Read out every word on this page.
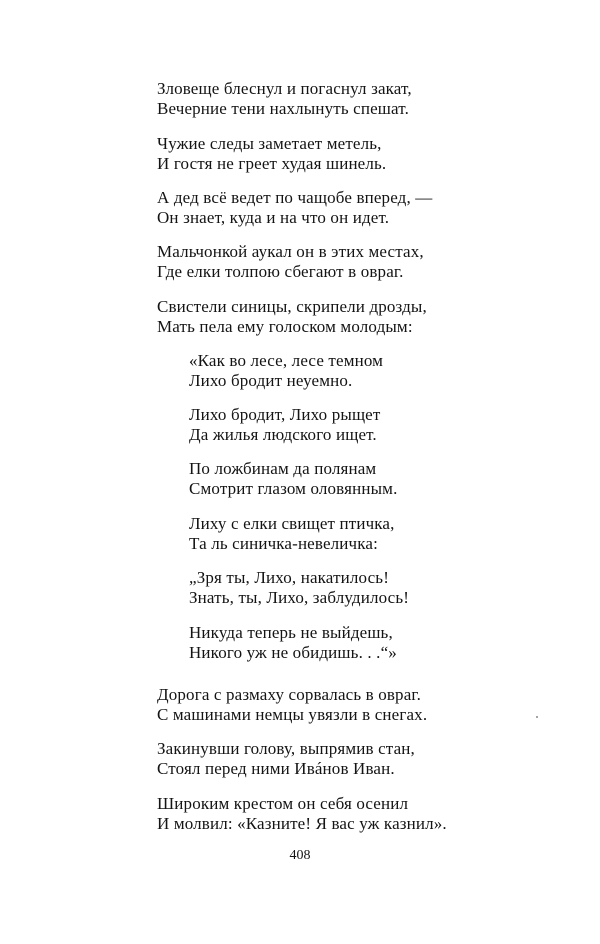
Зловеще блеснул и погаснул закат,
Вечерние тени нахлынуть спешат.
Чужие следы заметает метель,
И гостя не греет худая шинель.
А дед всё ведет по чащобе вперед, —
Он знает, куда и на что он идет.
Мальчонкой аукал он в этих местах,
Где елки толпою сбегают в овраг.
Свистели синицы, скрипели дрозды,
Мать пела ему голоском молодым:
«Как во лесе, лесе темном
Лихо бродит неуемно.
Лихо бродит, Лихо рыщет
Да жилья людского ищет.
По ложбинам да полянам
Смотрит глазом оловянным.
Лиху с елки свищет птичка,
Та ль синичка-невеличка:
„Зря ты, Лихо, накатилось!
Знать, ты, Лихо, заблудилось!
Никуда теперь не выйдешь,
Никого уж не обидишь. . .“»
Дорога с размаху сорвалась в овраг.
С машинами немцы увязли в снегах.
Закинувши голову, выпрямив стан,
Стоял перед ними Ивáнов Иван.
Широким крестом он себя осенил
И молвил: «Казните! Я вас уж казнил».
408
